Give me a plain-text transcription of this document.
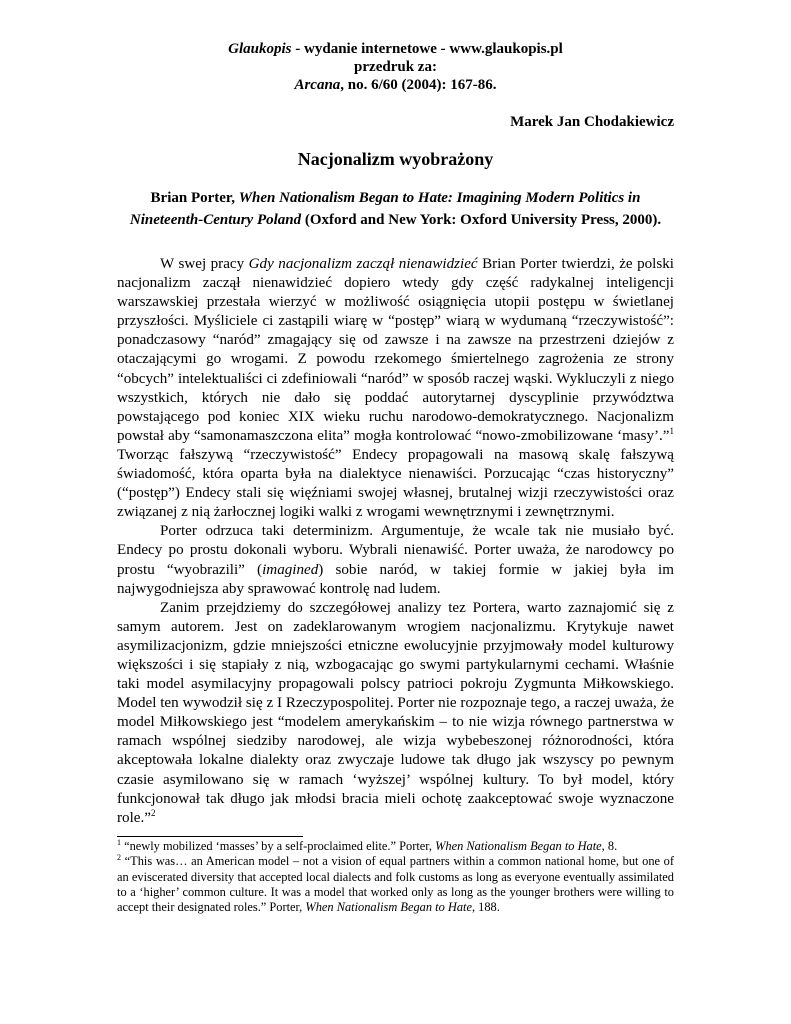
Glaukopis - wydanie internetowe - www.glaukopis.pl
przedruk za:
Arcana, no. 6/60 (2004): 167-86.
Marek Jan Chodakiewicz
Nacjonalizm wyobrażony
Brian Porter, When Nationalism Began to Hate: Imagining Modern Politics in Nineteenth-Century Poland (Oxford and New York: Oxford University Press, 2000).

W swej pracy Gdy nacjonalizm zaczął nienawidzieć Brian Porter twierdzi, że polski nacjonalizm zaczął nienawidzieć dopiero wtedy gdy część radykalnej inteligencji warszawskiej przestała wierzyć w możliwość osiągnięcia utopii postępu w świetlanej przyszłości. Myśliciele ci zastąpili wiarę w “postęp” wiarą w wydumaną “rzeczywistość”: ponadczasowy “naród” zmagający się od zawsze i na zawsze na przestrzeni dziejów z otaczającymi go wrogami. Z powodu rzekomego śmiertelnego zagrożenia ze strony “obcych” intelektualiści ci zdefiniowali “naród” w sposób raczej wąski. Wykluczyli z niego wszystkich, których nie dało się poddać autorytarnej dyscyplinie przywództwa powstającego pod koniec XIX wieku ruchu narodowo-demokratycznego. Nacjonalizm powstał aby “samonamaszczona elita” mogła kontrolować “nowo-zmobilizowane ‘masy’.”$^1$ Tworząc fałszywą “rzeczywistość” Endecy propagowali na masową skalę fałszywą świadomość, która oparta była na dialektyce nienawiści. Porzucając “czas historyczny” (“postęp”) Endecy stali się więźniami swojej własnej, brutalnej wizji rzeczywistości oraz związanej z nią żarłocznej logiki walki z wrogami wewnętrznymi i zewnętrznymi.

Porter odrzuca taki determinizm. Argumentuje, że wcale tak nie musiało być. Endecy po prostu dokonali wyboru. Wybrali nienawiść. Porter uważa, że narodowcy po prostu “wyobrazili” (imagined) sobie naród, w takiej formie w jakiej była im najwygodniejsza aby sprawować kontrolę nad ludem.

Zanim przejdziemy do szczegółowej analizy tez Portera, warto zaznajomić się z samym autorem. Jest on zadeklarowanym wrogiem nacjonalizmu. Krytykuje nawet asymilizacjonizm, gdzie mniejszości etniczne ewolucyjnie przyjmowały model kulturowy większości i się stapiały z nią, wzbogacając go swymi partykularnymi cechami. Właśnie taki model asymilacyjny propagowali polscy patrioci pokroju Zygmunta Miłkowskiego. Model ten wywodził się z I Rzeczypospolitej. Porter nie rozpoznaje tego, a raczej uważa, że model Miłkowskiego jest “modelem amerykańskim – to nie wizja równego partnerstwa w ramach wspólnej siedziby narodowej, ale wizja wybebeszonej różnorodności, która akceptowała lokalne dialekty oraz zwyczaje ludowe tak długo jak wszyscy po pewnym czasie asymilowano się w ramach ‘wyższej’ wspólnej kultury. To był model, który funkcjonował tak długo jak młodsi bracia mieli ochotę zaakceptować swoje wyznaczone role.”$^2$

$^1$ “newly mobilized ‘masses’ by a self-proclaimed elite.” Porter, When Nationalism Began to Hate, 8.

$^2$ “This was… an American model – not a vision of equal partners within a common national home, but one of an eviscerated diversity that accepted local dialects and folk customs as long as everyone eventually assimilated to a ‘higher’ common culture. It was a model that worked only as long as the younger brothers were willing to accept their designated roles.” Porter, When Nationalism Began to Hate, 188.
